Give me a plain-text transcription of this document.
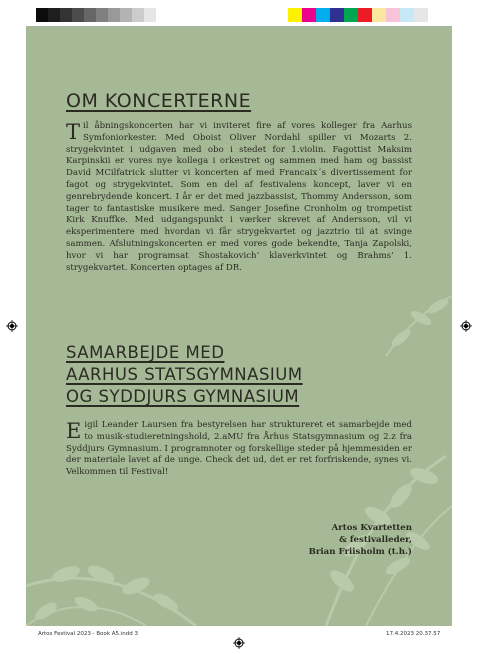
OM KONCERTERNE

Til åbningskoncerten har vi inviteret fire af vores kolleger fra Aarhus Symfoniorkester. Med Oboist Oliver Nordahl spiller vi Mozarts 2. strygekvintet i udgaven med obo i stedet for 1.violin. Fagottist Maksim Karpinskii er vores nye kollega i orkestret og sammen med ham og bassist David MCilfatrick slutter vi koncerten af med Francaix´s divertissement for fagot og strygekvintet. Som en del af festivalens koncept, laver vi en genrebrydende koncert. I år er det med jazzbassist, Thommy Andersson, som tager to fantastiske musikere med. Sanger Josefine Cronholm og trompetist Kirk Knuffke. Med udgangspunkt i værker skrevet af Andersson, vil vi eksperimentere med hvordan vi får strygekvartet og jazztrio til at svinge sammen. Afslutningskoncerten er med vores gode bekendte, Tanja Zapolski, hvor vi har programsat Shostakovich’ klaverkvintet og Brahms’ 1. strygekvartet. Koncerten optages af DR.

SAMARBEJDE MED
AARHUS STATSGYMNASIUM
OG SYDDJURS GYMNASIUM

Eigil Leander Laursen fra bestyrelsen har struktureret et samarbejde med to musik-studieretningshold, 2.aMU fra Århus Statsgymnasium og 2.z fra Syddjurs Gymnasium. I programnoter og forskellige steder på hjemmesiden er der materiale lavet af de unge. Check det ud, det er ret forfriskende, synes vi. Velkommen til Festival!

Artos Kvartetten
& festivalleder,
Brian Friisholm (t.h.)
Artos Festival 2023 - Book A5.indd 3	17.4.2023 20.37.57
